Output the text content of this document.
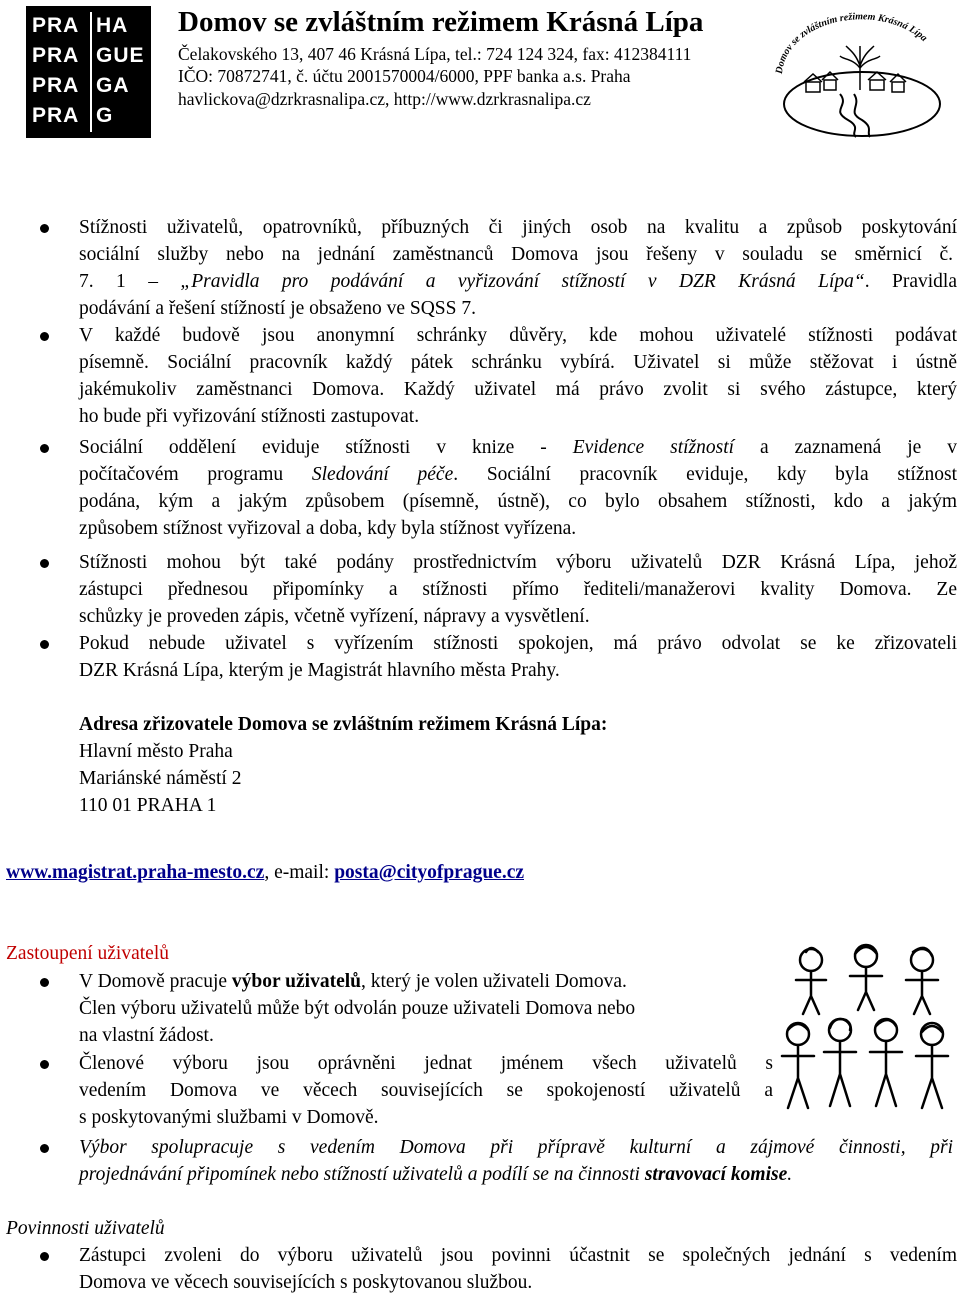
PRA HA
PRA GUE
PRA GA
PRA G
Domov se zvláštním režimem Krásná Lípa
Čelakovského 13, 407 46 Krásná Lípa, tel.: 724 124 324, fax: 412384111
IČO: 70872741, č. účtu 2001570004/6000, PPF banka a.s. Praha
havlickova@dzrkrasnalipa.cz, http://www.dzrkrasnalipa.cz
Domov se zvláštním režimem Krásná Lípa
Stížnosti uživatelů, opatrovníků, příbuzných či jiných osob na kvalitu a způsob poskytování
sociální služby nebo na jednání zaměstnanců Domova jsou řešeny v souladu se směrnicí č.
7. 1 – „Pravidla pro podávání a vyřizování stížností v DZR Krásná Lípa“. Pravidla
podávání a řešení stížností je obsaženo ve SQSS 7.
V každé budově jsou anonymní schránky důvěry, kde mohou uživatelé stížnosti podávat
písemně. Sociální pracovník každý pátek schránku vybírá. Uživatel si může stěžovat i ústně
jakémukoliv zaměstnanci Domova. Každý uživatel má právo zvolit si svého zástupce, který
ho bude při vyřizování stížnosti zastupovat.
Sociální oddělení eviduje stížnosti v knize - Evidence stížností a zaznamená je v
počítačovém programu Sledování péče. Sociální pracovník eviduje, kdy byla stížnost
podána, kým a jakým způsobem (písemně, ústně), co bylo obsahem stížnosti, kdo a jakým
způsobem stížnost vyřizoval a doba, kdy byla stížnost vyřízena.
Stížnosti mohou být také podány prostřednictvím výboru uživatelů DZR Krásná Lípa, jehož
zástupci přednesou připomínky a stížnosti přímo řediteli/manažerovi kvality Domova. Ze
schůzky je proveden zápis, včetně vyřízení, nápravy a vysvětlení.
Pokud nebude uživatel s vyřízením stížnosti spokojen, má právo odvolat se ke zřizovateli
DZR Krásná Lípa, kterým je Magistrát hlavního města Prahy.
Adresa zřizovatele Domova se zvláštním režimem Krásná Lípa:
Hlavní město Praha
Mariánské náměstí 2
110 01 PRAHA 1
www.magistrat.praha-mesto.cz, e-mail: posta@cityofprague.cz
Zastoupení uživatelů
V Domově pracuje výbor uživatelů, který je volen uživateli Domova.
Člen výboru uživatelů může být odvolán pouze uživateli Domova nebo
na vlastní žádost.
Členové výboru jsou oprávněni jednat jménem všech uživatelů s
vedením Domova ve věcech souvisejících se spokojeností uživatelů a
s poskytovanými službami v Domově.
Výbor spolupracuje s vedením Domova při přípravě kulturní a zájmové činnosti, při
projednávání připomínek nebo stížností uživatelů a podílí se na činnosti stravovací komise.
Povinnosti uživatelů
Zástupci zvoleni do výboru uživatelů jsou povinni účastnit se společných jednání s vedením
Domova ve věcech souvisejících s poskytovanou službou.
